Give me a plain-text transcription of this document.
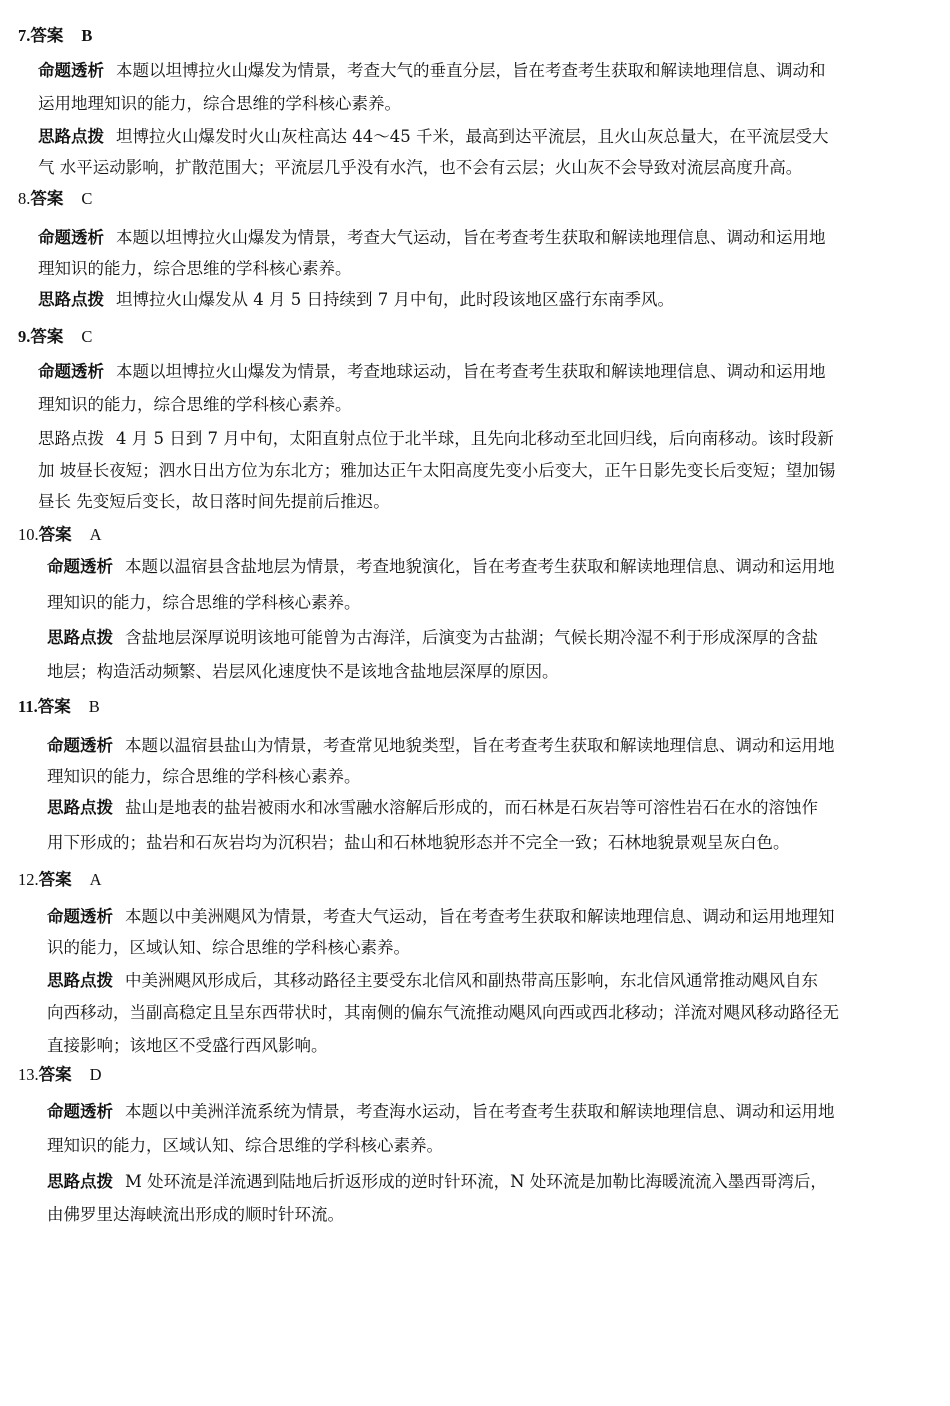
7.答案 B
命题透析 本题以坦博拉火山爆发为情景，考查大气的垂直分层，旨在考查考生获取和解读地理信息、调动和
运用地理知识的能力，综合思维的学科核心素养。
思路点拨 坦博拉火山爆发时火山灰柱高达 44～45 千米，最高到达平流层，且火山灰总量大，在平流层受大
气 水平运动影响，扩散范围大；平流层几乎没有水汽，也不会有云层；火山灰不会导致对流层高度升高。
8.答案 C
命题透析 本题以坦博拉火山爆发为情景，考查大气运动，旨在考查考生获取和解读地理信息、调动和运用地
理知识的能力，综合思维的学科核心素养。
思路点拨 坦博拉火山爆发从 4 月 5 日持续到 7 月中旬，此时段该地区盛行东南季风。
9.答案 C
命题透析 本题以坦博拉火山爆发为情景，考查地球运动，旨在考查考生获取和解读地理信息、调动和运用地
理知识的能力，综合思维的学科核心素养。
思路点拨 4 月 5 日到 7 月中旬，太阳直射点位于北半球，且先向北移动至北回归线，后向南移动。该时段新
加 坡昼长夜短；泗水日出方位为东北方；雅加达正午太阳高度先变小后变大，正午日影先变长后变短；望加锡
昼长 先变短后变长，故日落时间先提前后推迟。
10.答案 A
命题透析 本题以温宿县含盐地层为情景，考查地貌演化，旨在考查考生获取和解读地理信息、调动和运用地
理知识的能力，综合思维的学科核心素养。
思路点拨 含盐地层深厚说明该地可能曾为古海洋，后演变为古盐湖；气候长期冷湿不利于形成深厚的含盐
地层；构造活动频繁、岩层风化速度快不是该地含盐地层深厚的原因。
11.答案 B
命题透析 本题以温宿县盐山为情景，考查常见地貌类型，旨在考查考生获取和解读地理信息、调动和运用地
理知识的能力，综合思维的学科核心素养。
思路点拨 盐山是地表的盐岩被雨水和冰雪融水溶解后形成的，而石林是石灰岩等可溶性岩石在水的溶蚀作
用下形成的；盐岩和石灰岩均为沉积岩；盐山和石林地貌形态并不完全一致；石林地貌景观呈灰白色。
12.答案 A
命题透析 本题以中美洲飓风为情景，考查大气运动，旨在考查考生获取和解读地理信息、调动和运用地理知
识的能力，区域认知、综合思维的学科核心素养。
思路点拨 中美洲飓风形成后，其移动路径主要受东北信风和副热带高压影响，东北信风通常推动飓风自东
向西移动，当副高稳定且呈东西带状时，其南侧的偏东气流推动飓风向西或西北移动；洋流对飓风移动路径无
直接影响；该地区不受盛行西风影响。
13.答案 D
命题透析 本题以中美洲洋流系统为情景，考查海水运动，旨在考查考生获取和解读地理信息、调动和运用地
理知识的能力，区域认知、综合思维的学科核心素养。
思路点拨 M 处环流是洋流遇到陆地后折返形成的逆时针环流，N 处环流是加勒比海暖流流入墨西哥湾后，
由佛罗里达海峡流出形成的顺时针环流。
